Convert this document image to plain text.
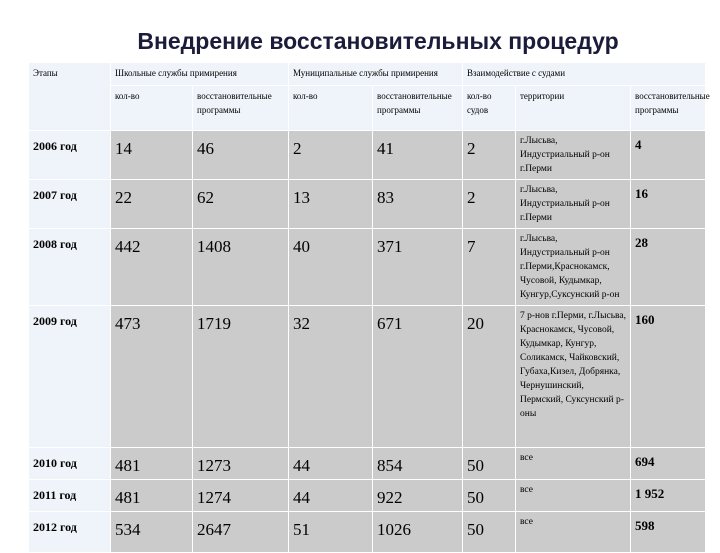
Внедрение восстановительных процедур
Этапы	Школьные службы примирения		Муниципальные службы примирения		Взаимодействие с судами		
	кол-во	восстановительные программы	кол-во	восстановительные программы	кол-во судов	территории	восстановительные программы
2006 год	14	46	2	41	2	г.Лысьва, Индустриальный р-он г.Перми	4
2007 год	22	62	13	83	2	г.Лысьва, Индустриальный р-он г.Перми	16
2008 год	442	1408	40	371	7	г.Лысьва, Индустриальный р-он г.Перми,Краснокамск, Чусовой, Кудымкар, Кунгур,Суксунский р-он	28
2009 год	473	1719	32	671	20	7 р-нов г.Перми, г.Лысьва, Краснокамск, Чусовой, Кудымкар, Кунгур, Соликамск, Чайковский, Губаха,Кизел, Добрянка, Чернушинский, Пермский, Суксунский р-оны	160
2010 год	481	1273	44	854	50	все	694
2011 год	481	1274	44	922	50	все	1 952
2012 год	534	2647	51	1026	50	все	598
